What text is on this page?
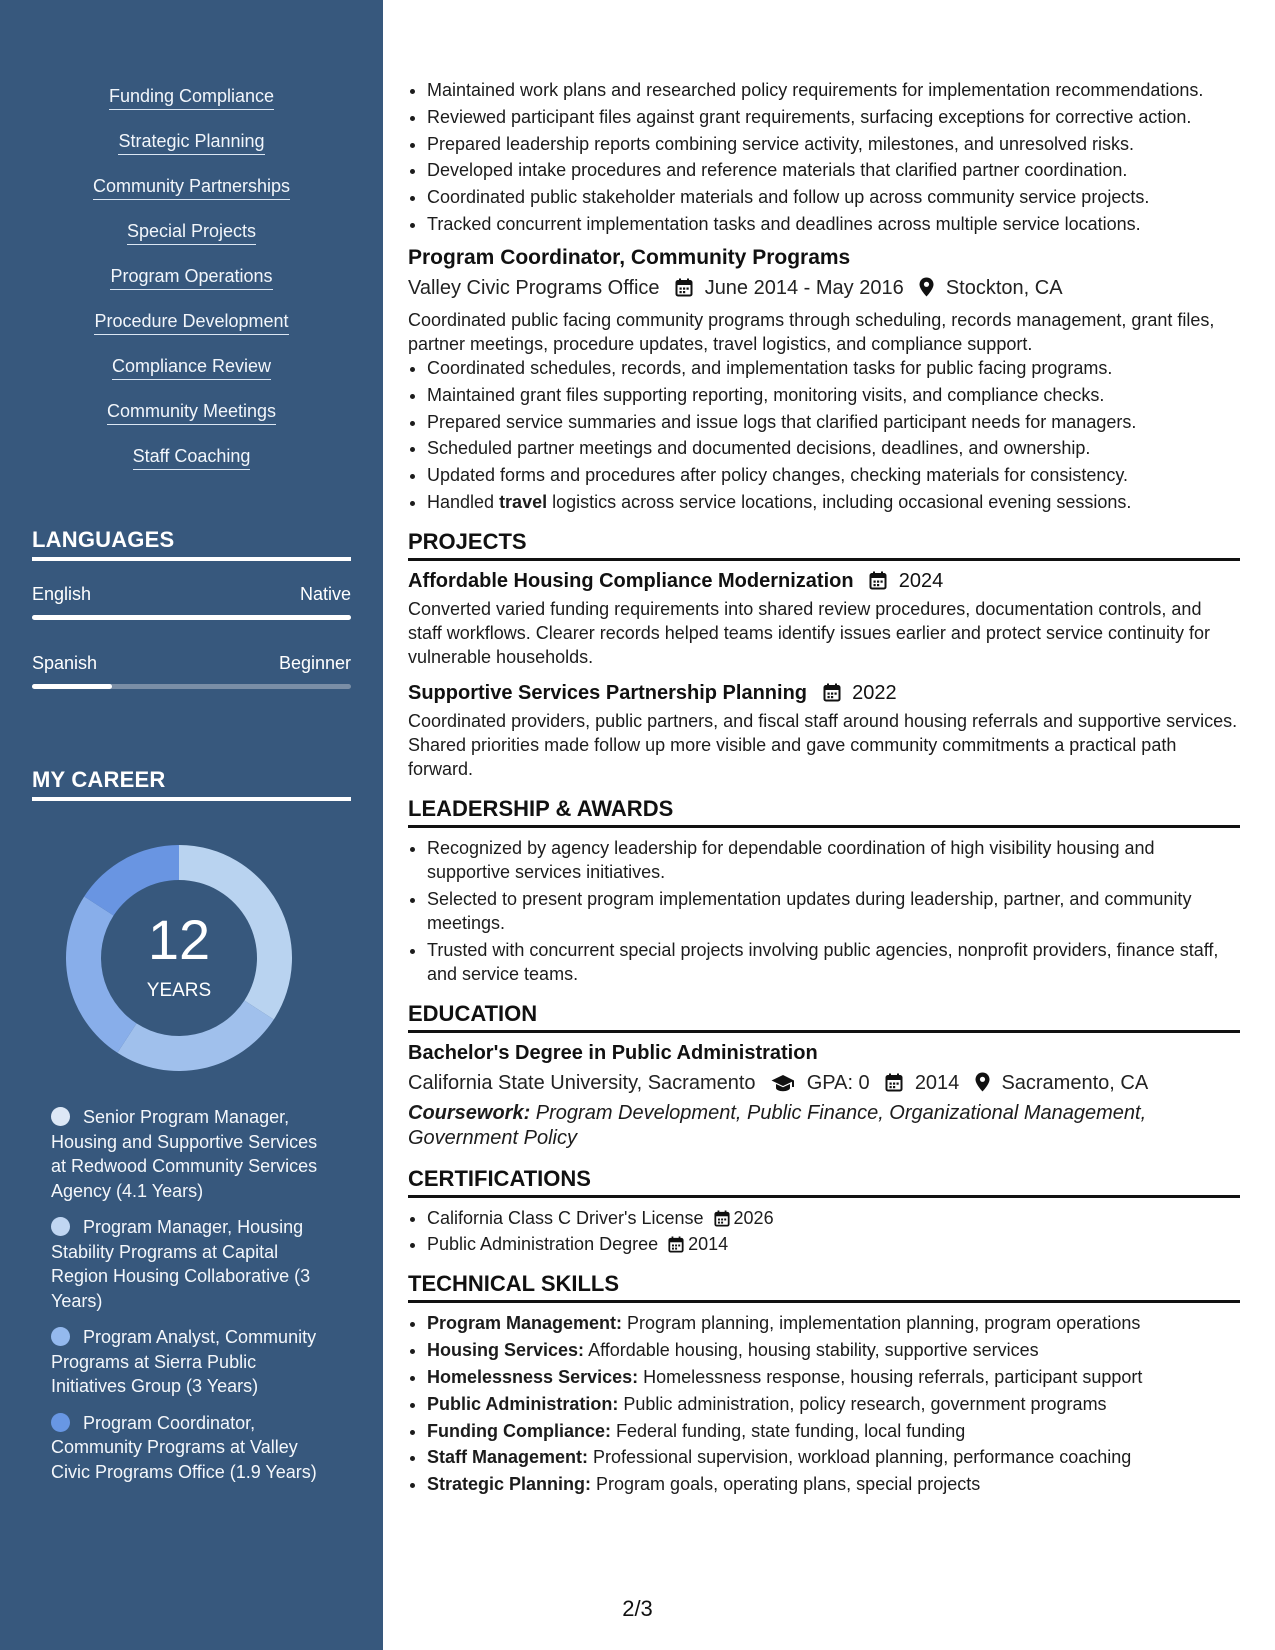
Funding Compliance
Strategic Planning
Community Partnerships
Special Projects
Program Operations
Procedure Development
Compliance Review
Community Meetings
Staff Coaching
LANGUAGES
English	Native
Spanish	Beginner
MY CAREER
12
YEARS
Senior Program Manager, Housing and Supportive Services at Redwood Community Services Agency (4.1 Years)
Program Manager, Housing Stability Programs at Capital Region Housing Collaborative (3 Years)
Program Analyst, Community Programs at Sierra Public Initiatives Group (3 Years)
Program Coordinator, Community Programs at Valley Civic Programs Office (1.9 Years)
• Maintained work plans and researched policy requirements for implementation recommendations.
• Reviewed participant files against grant requirements, surfacing exceptions for corrective action.
• Prepared leadership reports combining service activity, milestones, and unresolved risks.
• Developed intake procedures and reference materials that clarified partner coordination.
• Coordinated public stakeholder materials and follow up across community service projects.
• Tracked concurrent implementation tasks and deadlines across multiple service locations.
Program Coordinator, Community Programs
Valley Civic Programs Office June 2014 - May 2016 Stockton, CA
Coordinated public facing community programs through scheduling, records management, grant files, partner meetings, procedure updates, travel logistics, and compliance support.
• Coordinated schedules, records, and implementation tasks for public facing programs.
• Maintained grant files supporting reporting, monitoring visits, and compliance checks.
• Prepared service summaries and issue logs that clarified participant needs for managers.
• Scheduled partner meetings and documented decisions, deadlines, and ownership.
• Updated forms and procedures after policy changes, checking materials for consistency.
• Handled travel logistics across service locations, including occasional evening sessions.
PROJECTS
Affordable Housing Compliance Modernization 2024
Converted varied funding requirements into shared review procedures, documentation controls, and staff workflows. Clearer records helped teams identify issues earlier and protect service continuity for vulnerable households.
Supportive Services Partnership Planning 2022
Coordinated providers, public partners, and fiscal staff around housing referrals and supportive services. Shared priorities made follow up more visible and gave community commitments a practical path forward.
LEADERSHIP & AWARDS
• Recognized by agency leadership for dependable coordination of high visibility housing and supportive services initiatives.
• Selected to present program implementation updates during leadership, partner, and community meetings.
• Trusted with concurrent special projects involving public agencies, nonprofit providers, finance staff, and service teams.
EDUCATION
Bachelor's Degree in Public Administration
California State University, Sacramento	GPA: 0 2014 Sacramento, CA
Coursework: Program Development, Public Finance, Organizational Management, Government Policy
CERTIFICATIONS
• California Class C Driver's License 2026
• Public Administration Degree 2014
TECHNICAL SKILLS
• Program Management: Program planning, implementation planning, program operations
• Housing Services: Affordable housing, housing stability, supportive services
• Homelessness Services: Homelessness response, housing referrals, participant support
• Public Administration: Public administration, policy research, government programs
• Funding Compliance: Federal funding, state funding, local funding
• Staff Management: Professional supervision, workload planning, performance coaching
• Strategic Planning: Program goals, operating plans, special projects
2/3
